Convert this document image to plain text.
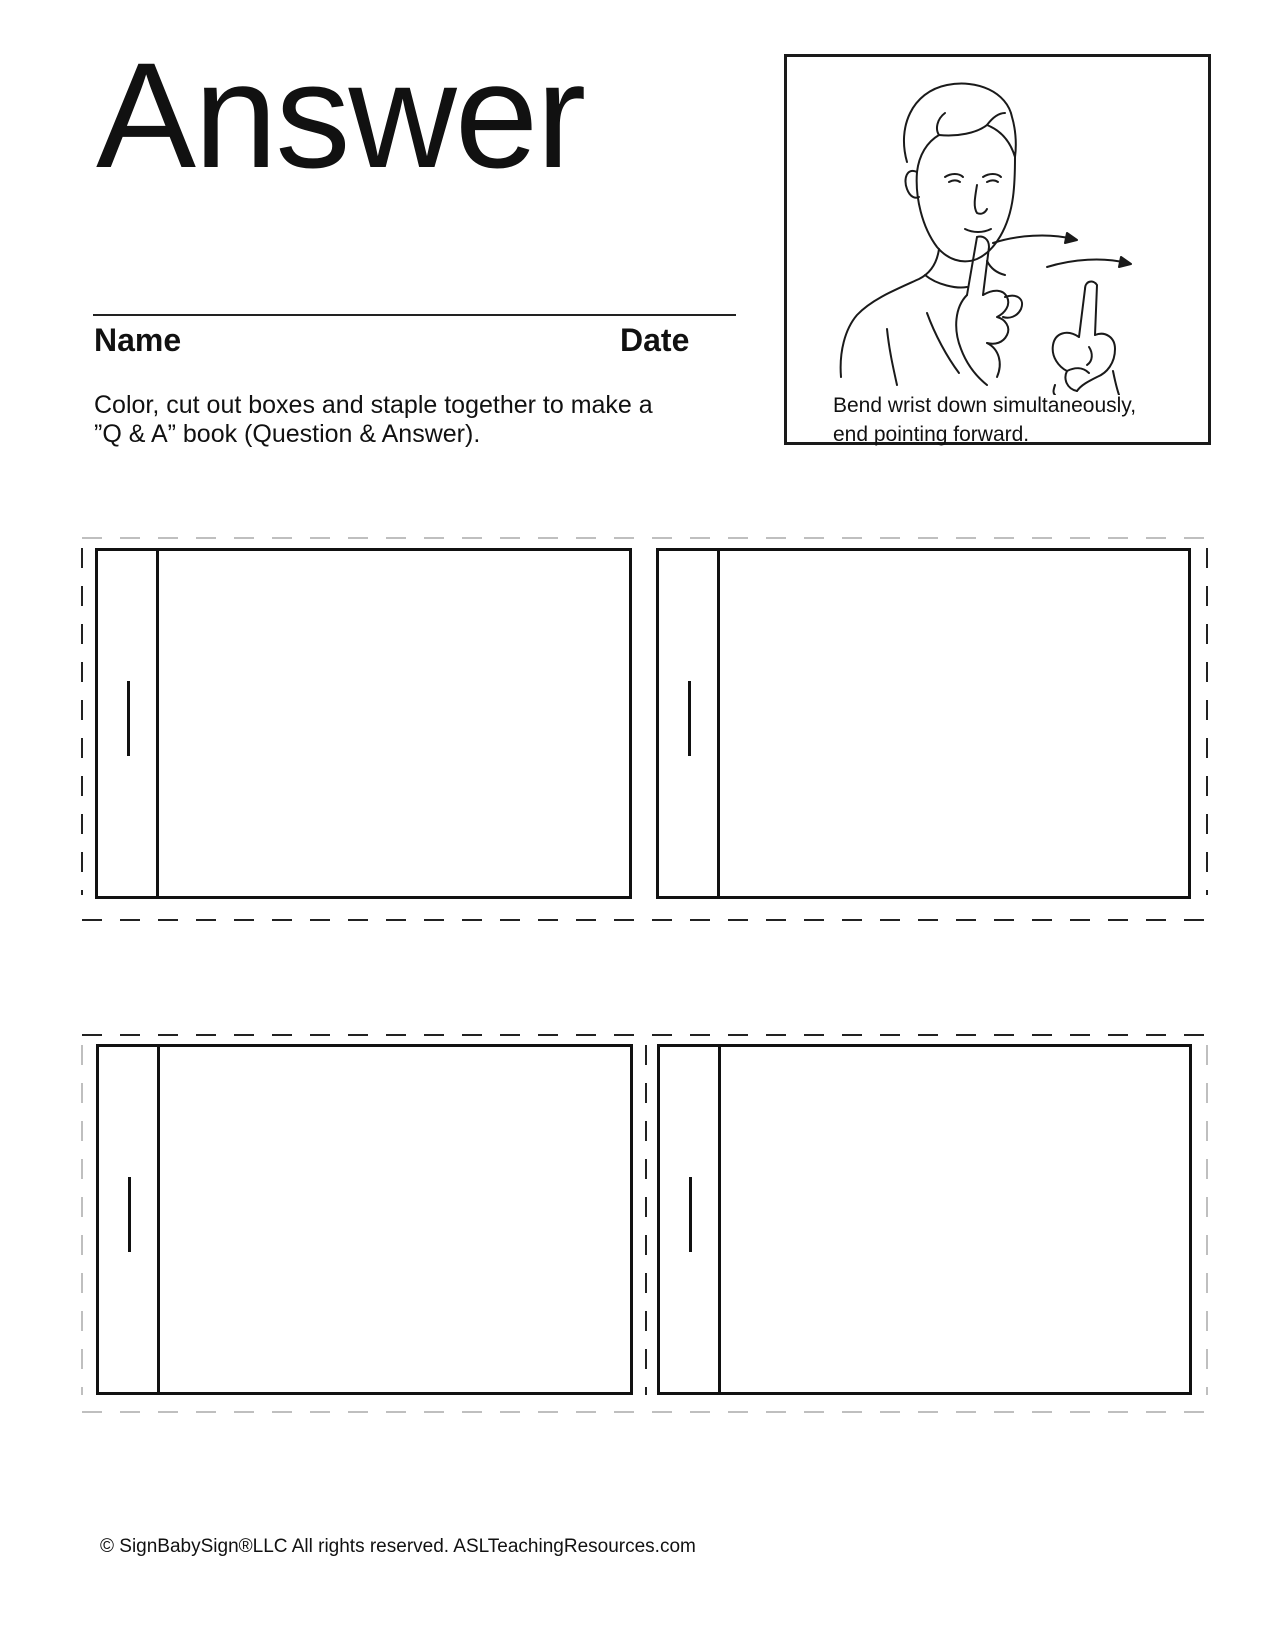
Answer
Name	Date
Color, cut out boxes and staple together to make a
”Q & A” book (Question & Answer).
Bend wrist down simultaneously,
end pointing forward.
© SignBabySign®LLC All rights reserved. ASLTeachingResources.com
